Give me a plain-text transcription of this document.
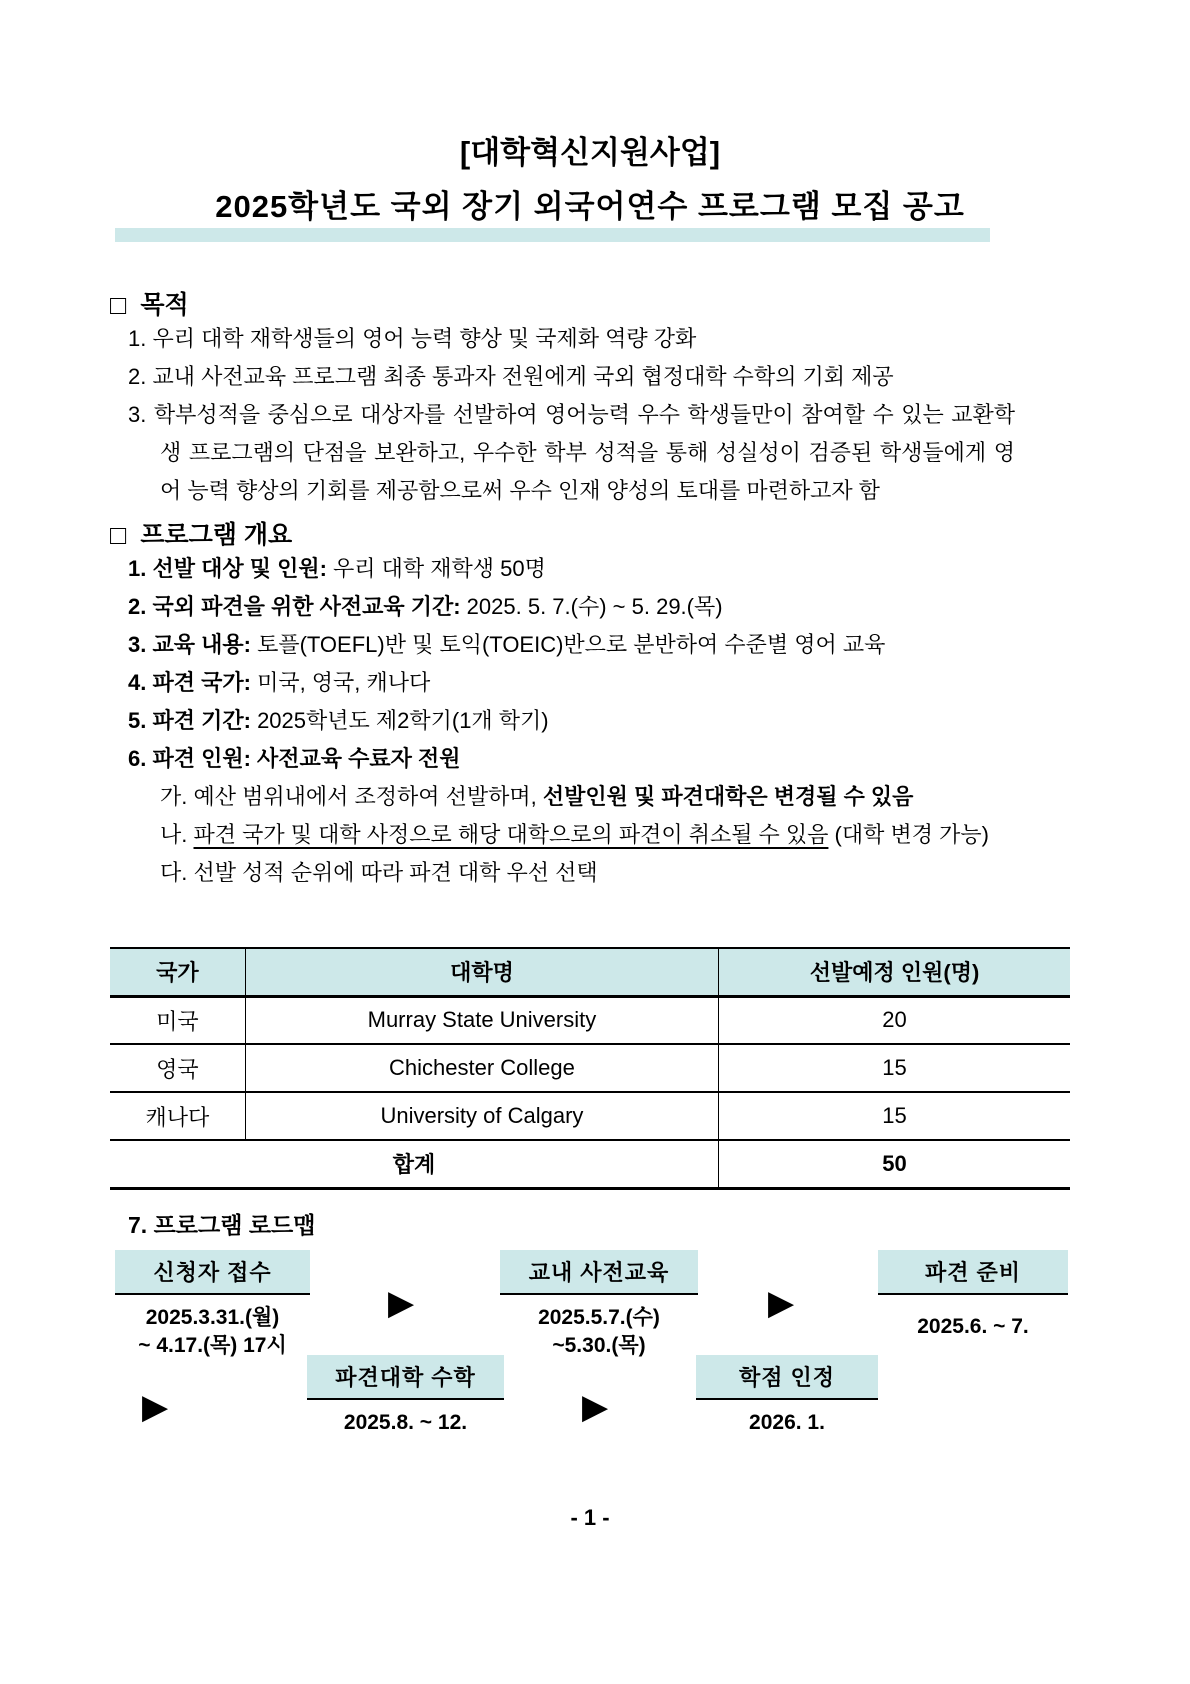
[대학혁신지원사업]
2025학년도 국외 장기 외국어연수 프로그램 모집 공고
□ 목적
1. 우리 대학 재학생들의 영어 능력 향상 및 국제화 역량 강화
2. 교내 사전교육 프로그램 최종 통과자 전원에게 국외 협정대학 수학의 기회 제공
3. 학부성적을 중심으로 대상자를 선발하여 영어능력 우수 학생들만이 참여할 수 있는 교환학생 프로그램의 단점을 보완하고, 우수한 학부 성적을 통해 성실성이 검증된 학생들에게 영어 능력 향상의 기회를 제공함으로써 우수 인재 양성의 토대를 마련하고자 함
□ 프로그램 개요
1. 선발 대상 및 인원: 우리 대학 재학생 50명
2. 국외 파견을 위한 사전교육 기간: 2025. 5. 7.(수) ~ 5. 29.(목)
3. 교육 내용: 토플(TOEFL)반 및 토익(TOEIC)반으로 분반하여 수준별 영어 교육
4. 파견 국가: 미국, 영국, 캐나다
5. 파견 기간: 2025학년도 제2학기(1개 학기)
6. 파견 인원: 사전교육 수료자 전원
가. 예산 범위내에서 조정하여 선발하며, 선발인원 및 파견대학은 변경될 수 있음
나. 파견 국가 및 대학 사정으로 해당 대학으로의 파견이 취소될 수 있음 (대학 변경 가능)
다. 선발 성적 순위에 따라 파견 대학 우선 선택
국가	대학명	선발예정 인원(명)
미국	Murray State University	20
영국	Chichester College	15
캐나다	University of Calgary	15
합계		50
7. 프로그램 로드맵
신청자 접수
2025.3.31.(월)
~ 4.17.(목) 17시
▶
교내 사전교육
2025.5.7.(수)
~5.30.(목)
▶
파견 준비
2025.6. ~ 7.
▶
파견대학 수학
2025.8. ~ 12.	▶
학점 인정
2026. 1.
- 1 -
